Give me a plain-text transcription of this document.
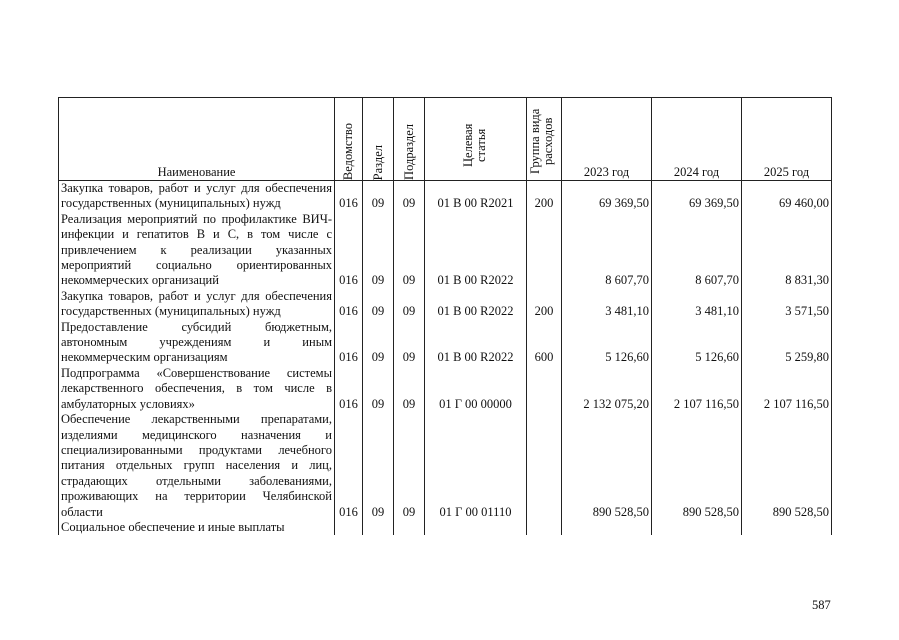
Наименование	Ведомство	Раздел	Подраздел	Целевая статья	Группа вида расходов	2023 год	2024 год	2025 год
Закупка товаров, работ и услуг для обеспечения государственных (муниципальных) нужд	016	09	09	01 В 00 R2021	200	69 369,50	69 369,50	69 460,00
Реализация мероприятий по профилактике ВИЧ-инфекции и гепатитов В и С, в том числе с привлечением к реализации указанных мероприятий социально ориентированных некоммерческих организаций	016	09	09	01 В 00 R2022		8 607,70	8 607,70	8 831,30
Закупка товаров, работ и услуг для обеспечения государственных (муниципальных) нужд	016	09	09	01 В 00 R2022	200	3 481,10	3 481,10	3 571,50
Предоставление субсидий бюджетным, автономным учреждениям и иным некоммерческим организациям	016	09	09	01 В 00 R2022	600	5 126,60	5 126,60	5 259,80
Подпрограмма «Совершенствование системы лекарственного обеспечения, в том числе в амбулаторных условиях»	016	09	09	01 Г 00 00000		2 132 075,20	2 107 116,50	2 107 116,50
Обеспечение лекарственными препаратами, изделиями медицинского назначения и специализированными продуктами лечебного питания отдельных групп населения и лиц, страдающих отдельными заболеваниями, проживающих на территории Челябинской области	016	09	09	01 Г 00 01110		890 528,50	890 528,50	890 528,50
Социальное обеспечение и иные выплаты								
587
